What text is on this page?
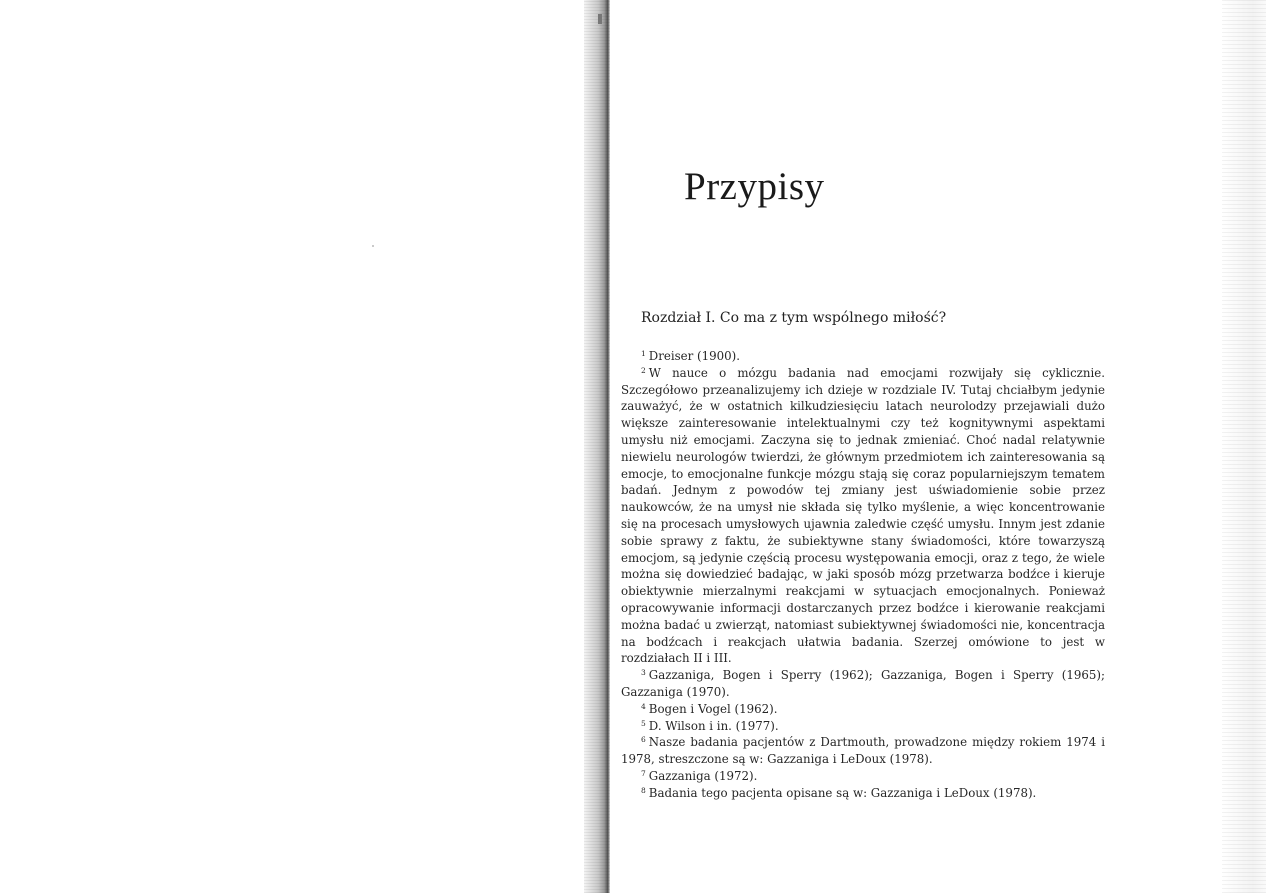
Przypisy
Rozdział I. Co ma z tym wspólnego miłość?

$^1$ Dreiser (1900).

$^2$ W nauce o mózgu badania nad emocjami rozwijały się cyklicznie. Szczegółowo przeanalizujemy ich dzieje w rozdziale IV. Tutaj chciałbym jedynie zauważyć, że w ostatnich kilkudziesięciu latach neurolodzy przejawiali dużo większe zainteresowanie intelektualnymi czy też kognitywnymi aspektami umysłu niż emocjami. Zaczyna się to jednak zmieniać. Choć nadal relatywnie niewielu neurologów twierdzi, że głównym przedmiotem ich zainteresowania są emocje, to emocjonalne funkcje mózgu stają się coraz popularniejszym tematem badań. Jednym z powodów tej zmiany jest uświadomienie sobie przez naukowców, że na umysł nie składa się tylko myślenie, a więc koncentrowanie się na procesach umysłowych ujawnia zaledwie część umysłu. Innym jest zdanie sobie sprawy z faktu, że subiektywne stany świadomości, które towarzyszą emocjom, są jedynie częścią procesu występowania emocji, oraz z tego, że wiele można się dowiedzieć badając, w jaki sposób mózg przetwarza bodźce i kieruje obiektywnie mierzalnymi reakcjami w sytuacjach emocjonalnych. Ponieważ opracowywanie informacji dostarczanych przez bodźce i kierowanie reakcjami można badać u zwierząt, natomiast subiektywnej świadomości nie, koncentracja na bodźcach i reakcjach ułatwia badania. Szerzej omówione to jest w rozdziałach II i III.

$^3$ Gazzaniga, Bogen i Sperry (1962); Gazzaniga, Bogen i Sperry (1965); Gazzaniga (1970).

$^4$ Bogen i Vogel (1962).

$^5$ D. Wilson i in. (1977).

$^6$ Nasze badania pacjentów z Dartmouth, prowadzone między rokiem 1974 i 1978, streszczone są w: Gazzaniga i LeDoux (1978).

$^7$ Gazzaniga (1972).

$^8$ Badania tego pacjenta opisane są w: Gazzaniga i LeDoux (1978).
